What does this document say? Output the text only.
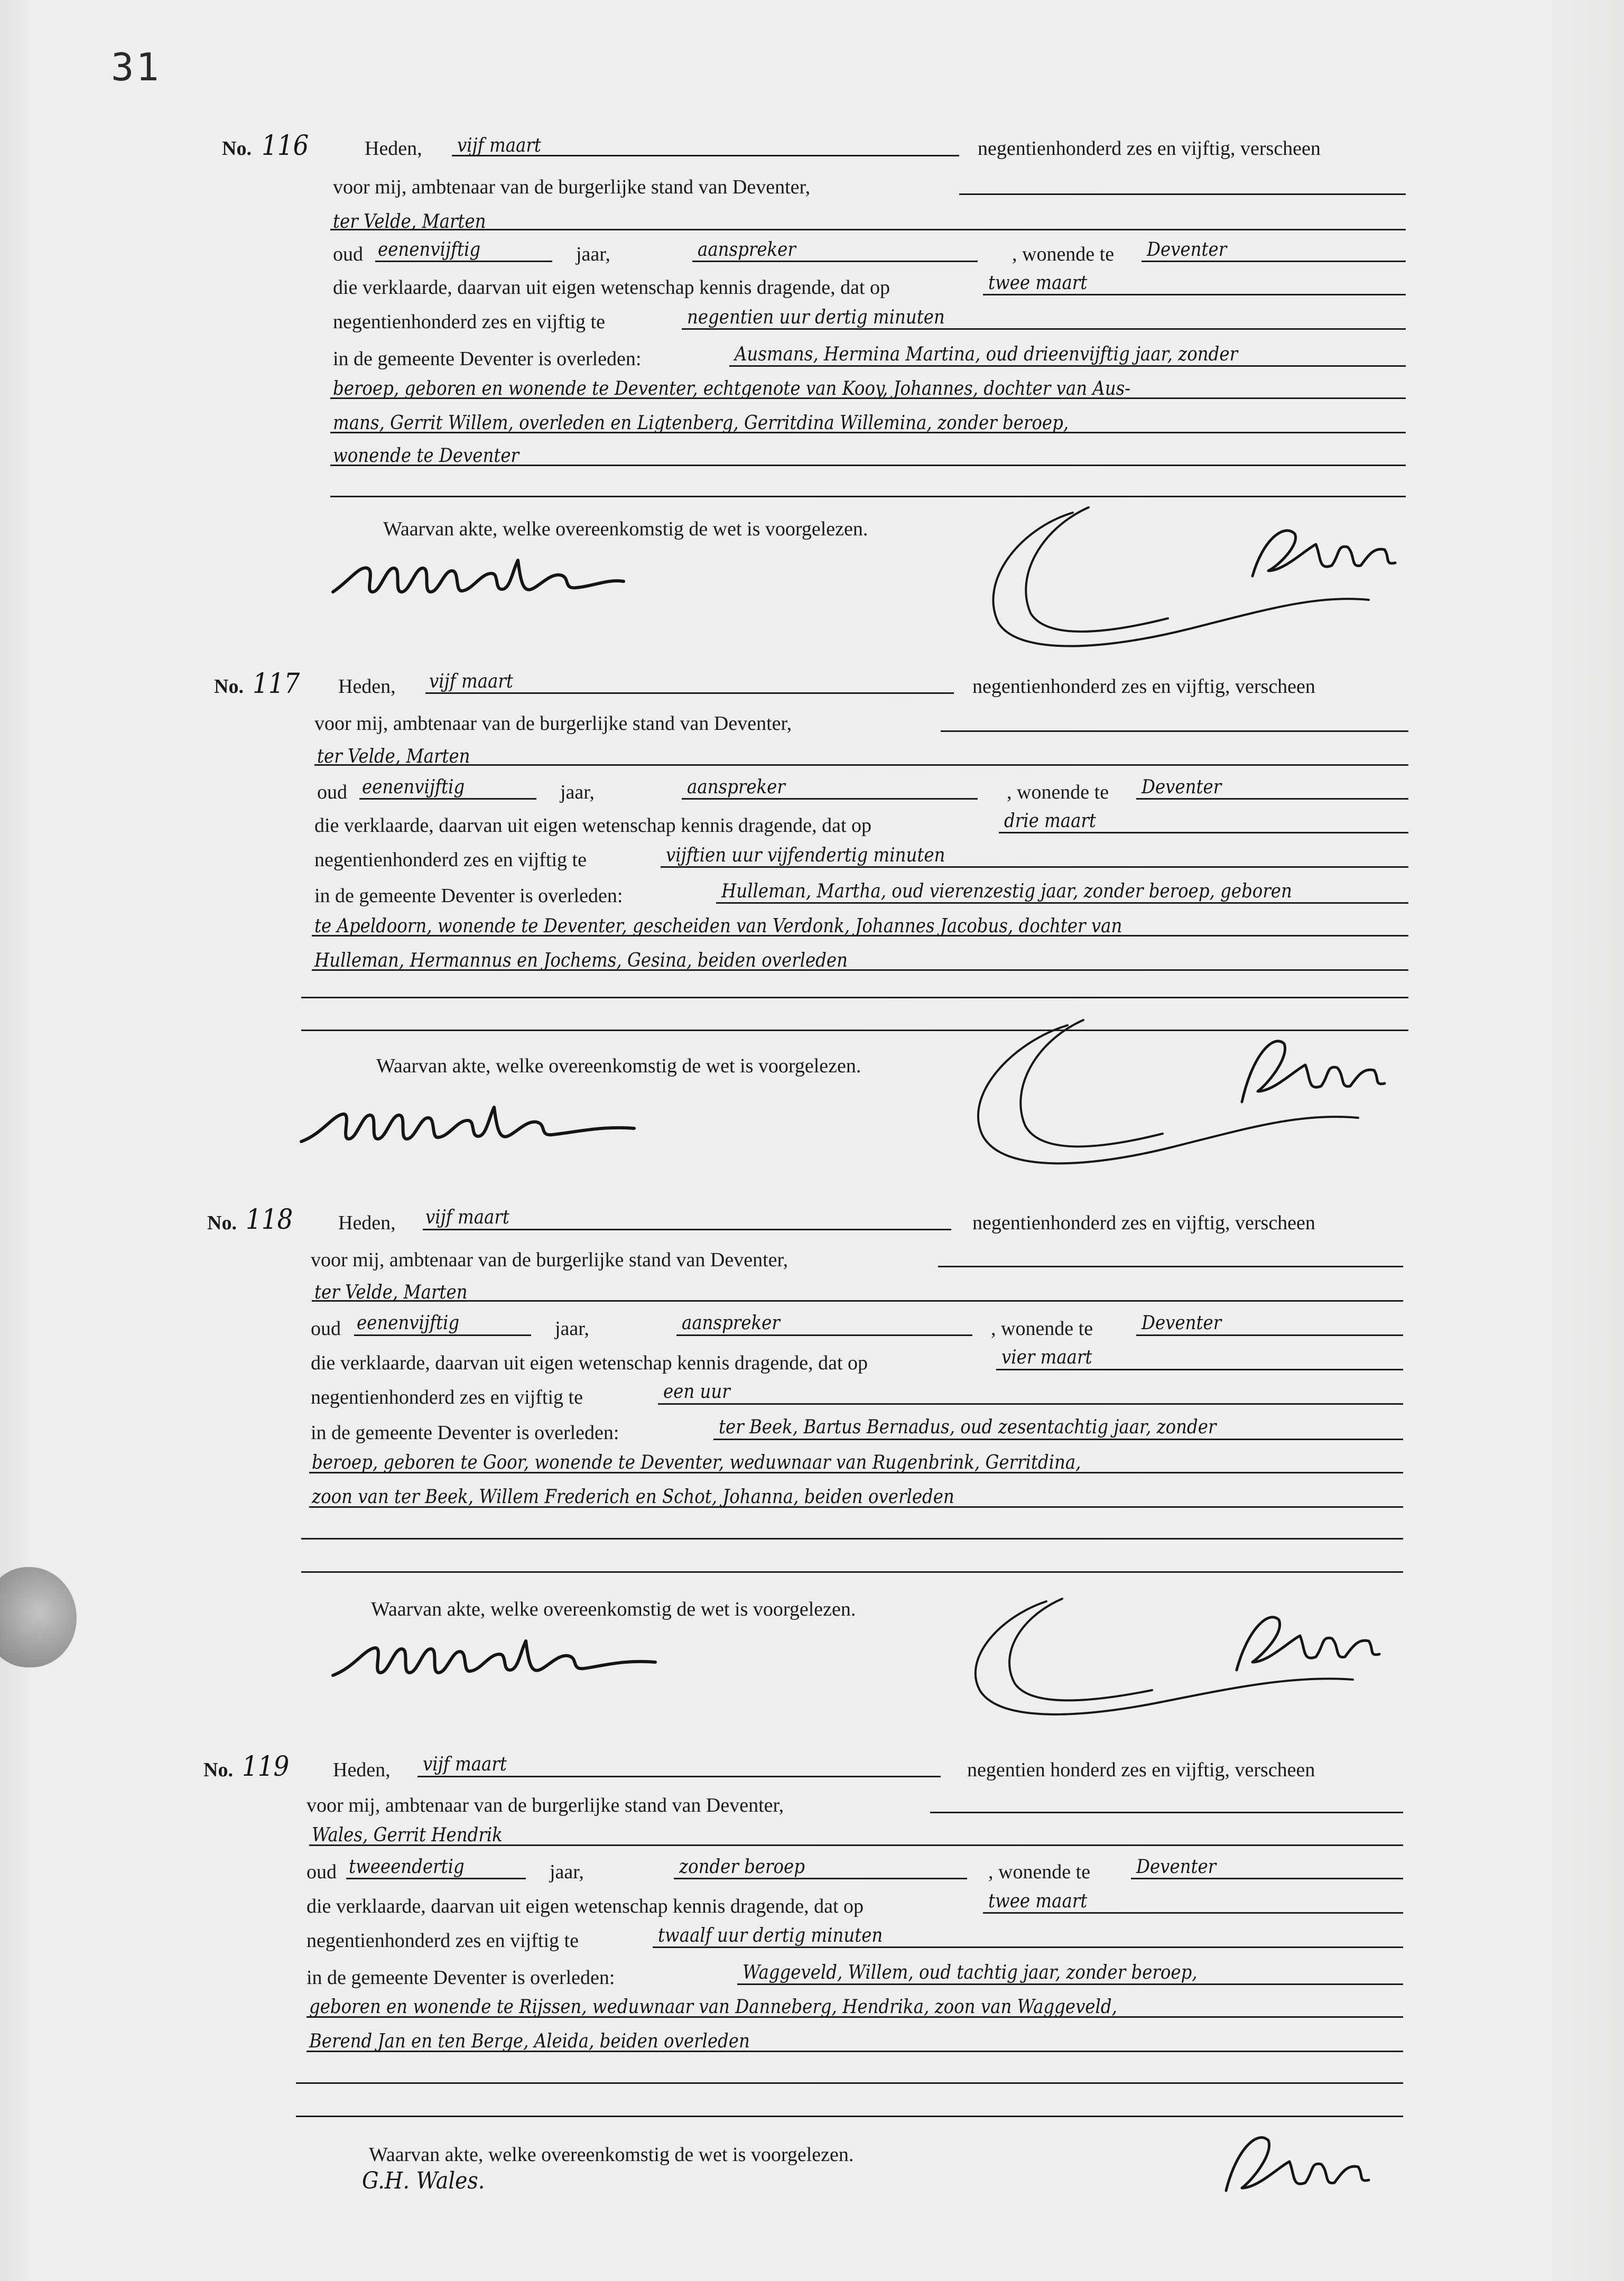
31
No. 116	Heden, vijf maart	negentienhonderd zes en vijftig, verscheen
voor mij, ambtenaar van de burgerlijke stand van Deventer,
ter Velde, Marten
oud eenenvijftig	jaar,	aanspreker	, wonende te Deventer
die verklaarde, daarvan uit eigen wetenschap kennis dragende, dat op	twee maart
negentienhonderd zes en vijftig te	negentien uur dertig minuten
in de gemeente Deventer is overleden:	Ausmans, Hermina Martina, oud drieenvijftig jaar, zonder
beroep, geboren en wonende te Deventer, echtgenote van Kooy, Johannes, dochter van Aus-
mans, Gerrit Willem, overleden en Ligtenberg, Gerritdina Willemina, zonder beroep,
wonende te Deventer
Waarvan akte, welke overeenkomstig de wet is voorgelezen.
No. 117 Heden, vijf maart	negentienhonderd zes en vijftig, verscheen
voor mij, ambtenaar van de burgerlijke stand van Deventer,
ter Velde, Marten
oud eenenvijftig	jaar,	aanspreker	, wonende te Deventer
die verklaarde, daarvan uit eigen wetenschap kennis dragende, dat op	drie maart
negentienhonderd zes en vijftig te	vijftien uur vijfendertig minuten
in de gemeente Deventer is overleden:	Hulleman, Martha, oud vierenzestig jaar, zonder beroep, geboren
te Apeldoorn, wonende te Deventer, gescheiden van Verdonk, Johannes Jacobus, dochter van
Hulleman, Hermannus en Jochems, Gesina, beiden overleden
Waarvan akte, welke overeenkomstig de wet is voorgelezen.
No. 118 Heden, vijf maart	negentienhonderd zes en vijftig, verscheen
voor mij, ambtenaar van de burgerlijke stand van Deventer,
ter Velde, Marten
oud eenenvijftig	jaar,	aanspreker	, wonende te	Deventer
die verklaarde, daarvan uit eigen wetenschap kennis dragende, dat op	vier maart
negentienhonderd zes en vijftig te	een uur
in de gemeente Deventer is overleden:	ter Beek, Bartus Bernadus, oud zesentachtig jaar, zonder
beroep, geboren te Goor, wonende te Deventer, weduwnaar van Rugenbrink, Gerritdina,
zoon van ter Beek, Willem Frederich en Schot, Johanna, beiden overleden
Waarvan akte, welke overeenkomstig de wet is voorgelezen.
No. 119 Heden, vijf maart	negentien honderd zes en vijftig, verscheen
voor mij, ambtenaar van de burgerlijke stand van Deventer,
Wales, Gerrit Hendrik
oud tweeendertig	jaar,	zonder beroep	, wonende te Deventer
die verklaarde, daarvan uit eigen wetenschap kennis dragende, dat op	twee maart
negentienhonderd zes en vijftig te	twaalf uur dertig minuten
in de gemeente Deventer is overleden:	Waggeveld, Willem, oud tachtig jaar, zonder beroep,
geboren en wonende te Rijssen, weduwnaar van Danneberg, Hendrika, zoon van Waggeveld,
Berend Jan en ten Berge, Aleida, beiden overleden
Waarvan akte, welke overeenkomstig de wet is voorgelezen.
G.H. Wales.
